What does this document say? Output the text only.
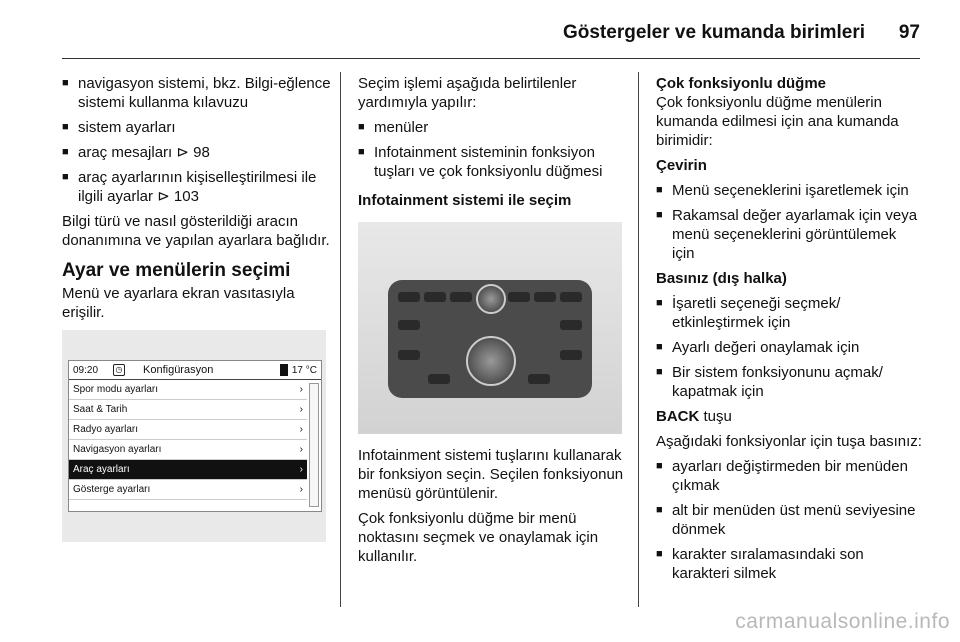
Göstergeler ve kumanda birimleri 97
■ navigasyon sistemi, bkz. Bilgi-eğlence sistemi kullanma kılavuzu
■ sistem ayarları
■ araç mesajları ⊳ 98
■ araç ayarlarının kişiselleştirilmesi ile ilgili ayarlar ⊳ 103

Bilgi türü ve nasıl gösterildiği aracın donanımına ve yapılan ayarlara bağlıdır.

Ayar ve menülerin seçimi

Menü ve ayarlara ekran vasıtasıyla erişilir.

09:20	◷ Konfigürasyon	17 °C
Spor modu ayarları	›
Saat & Tarih	›
Radyo ayarları	›
Navigasyon ayarları	›
Araç ayarları	›
Gösterge ayarları	›

Seçim işlemi aşağıda belirtilenler yardımıyla yapılır:

■ menüler
■ Infotainment sisteminin fonksiyon tuşları ve çok fonksiyonlu düğmesi

Infotainment sistemi ile seçim

Infotainment sistemi tuşlarını kullanarak bir fonksiyon seçin. Seçilen fonksiyonun menüsü görüntülenir.

Çok fonksiyonlu düğme bir menü noktasını seçmek ve onaylamak için kullanılır.

Çok fonksiyonlu düğme

Çok fonksiyonlu düğme menülerin kumanda edilmesi için ana kumanda birimidir:

Çevirin

■ Menü seçeneklerini işaretlemek için
■ Rakamsal değer ayarlamak için veya menü seçeneklerini görüntülemek için

Basınız (dış halka)

■ İşaretli seçeneği seçmek/ etkinleştirmek için
■ Ayarlı değeri onaylamak için
■ Bir sistem fonksiyonunu açmak/ kapatmak için

BACK tuşu

Aşağıdaki fonksiyonlar için tuşa basınız:

■ ayarları değiştirmeden bir menüden çıkmak
■ alt bir menüden üst menü seviyesine dönmek
■ karakter sıralamasındaki son karakteri silmek
carmanualsonline.info
